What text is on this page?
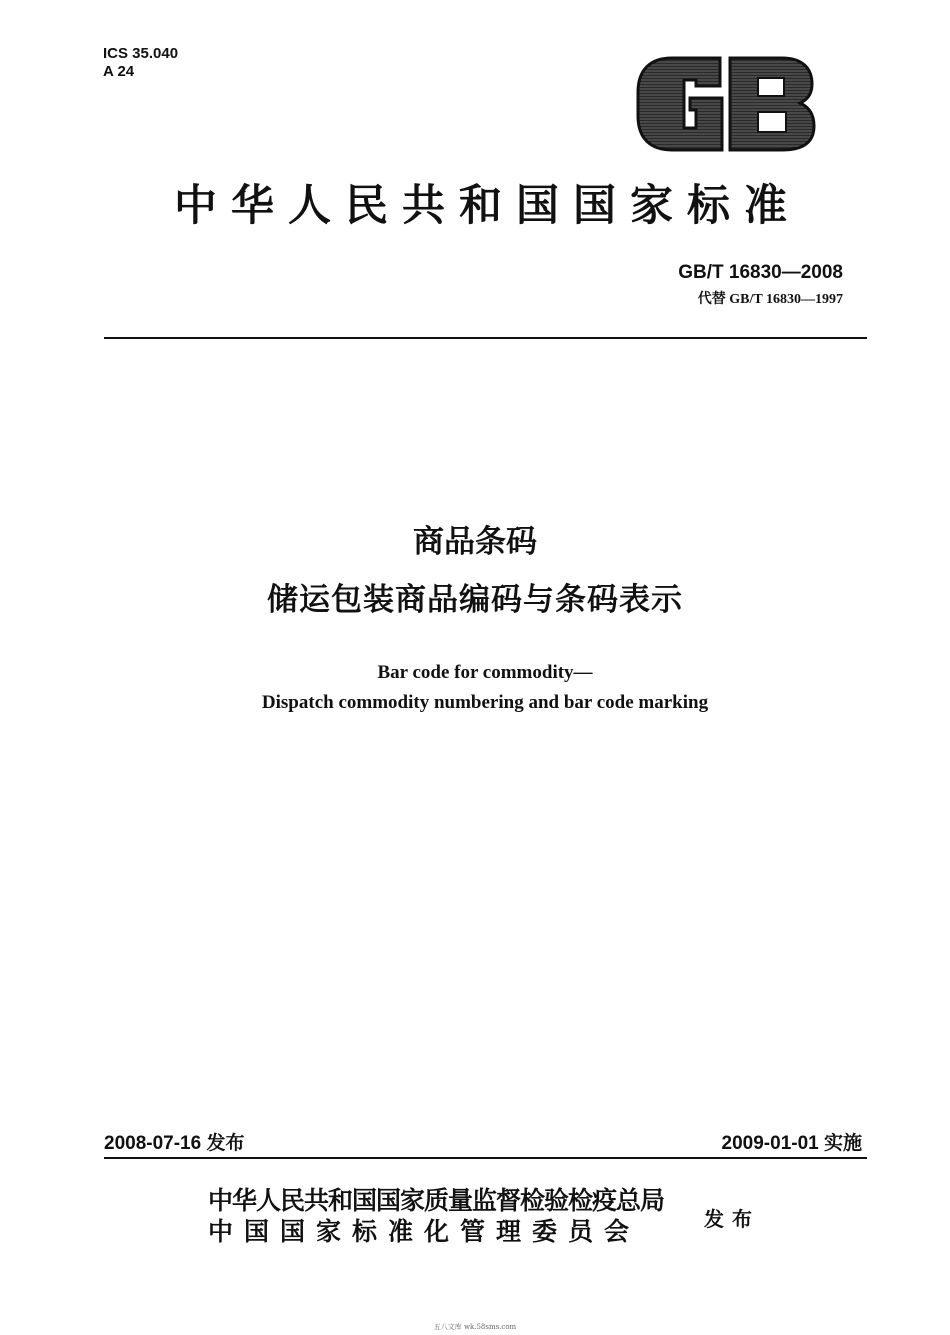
ICS 35.040
A 24
中华人民共和国国家标准
GB/T 16830—2008
代替 GB/T 16830—1997
商品条码
储运包装商品编码与条码表示
Bar code for commodity—
Dispatch commodity numbering and bar code marking
2008-07-16 发布	2009-01-01 实施
中华人民共和国国家质量监督检验检疫总局
中国国家标准化管理委员会	发布
五八文库 wk.58sms.com
